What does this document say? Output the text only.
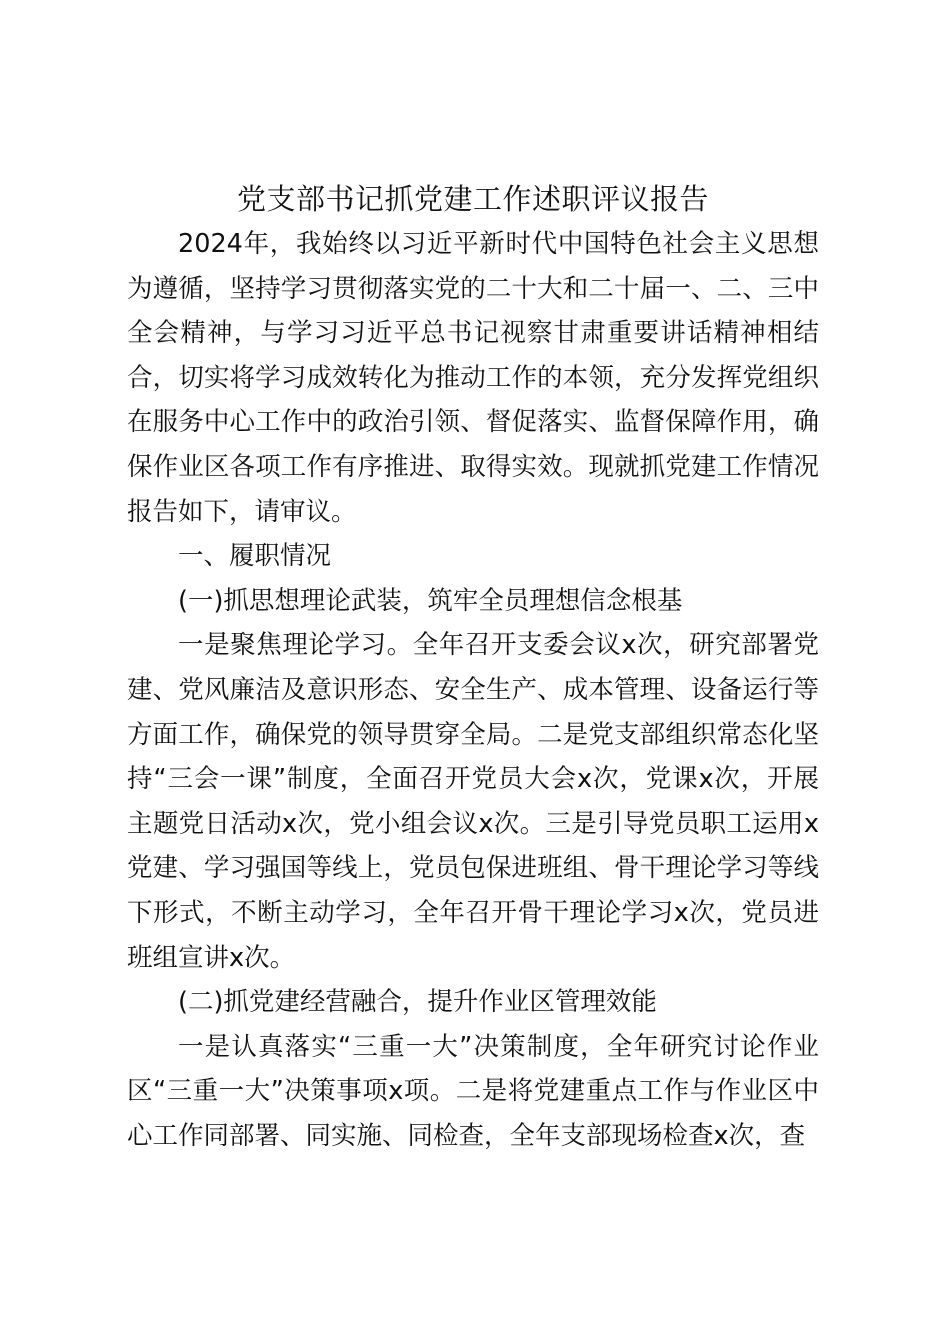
党支部书记抓党建工作述职评议报告

2024年，我始终以习近平新时代中国特色社会主义思想为遵循，坚持学习贯彻落实党的二十大和二十届一、二、三中全会精神，与学习习近平总书记视察甘肃重要讲话精神相结合，切实将学习成效转化为推动工作的本领，充分发挥党组织在服务中心工作中的政治引领、督促落实、监督保障作用，确保作业区各项工作有序推进、取得实效。现就抓党建工作情况报告如下，请审议。

一、履职情况

(一)抓思想理论武装，筑牢全员理想信念根基

一是聚焦理论学习。全年召开支委会议x次，研究部署党建、党风廉洁及意识形态、安全生产、成本管理、设备运行等方面工作，确保党的领导贯穿全局。二是党支部组织常态化坚持“三会一课”制度，全面召开党员大会x次，党课x次，开展主题党日活动x次，党小组会议x次。三是引导党员职工运用x党建、学习强国等线上，党员包保进班组、骨干理论学习等线下形式，不断主动学习，全年召开骨干理论学习x次，党员进班组宣讲x次。

(二)抓党建经营融合，提升作业区管理效能

一是认真落实“三重一大”决策制度，全年研究讨论作业区“三重一大”决策事项x项。二是将党建重点工作与作业区中心工作同部署、同实施、同检查，全年支部现场检查x次，查
